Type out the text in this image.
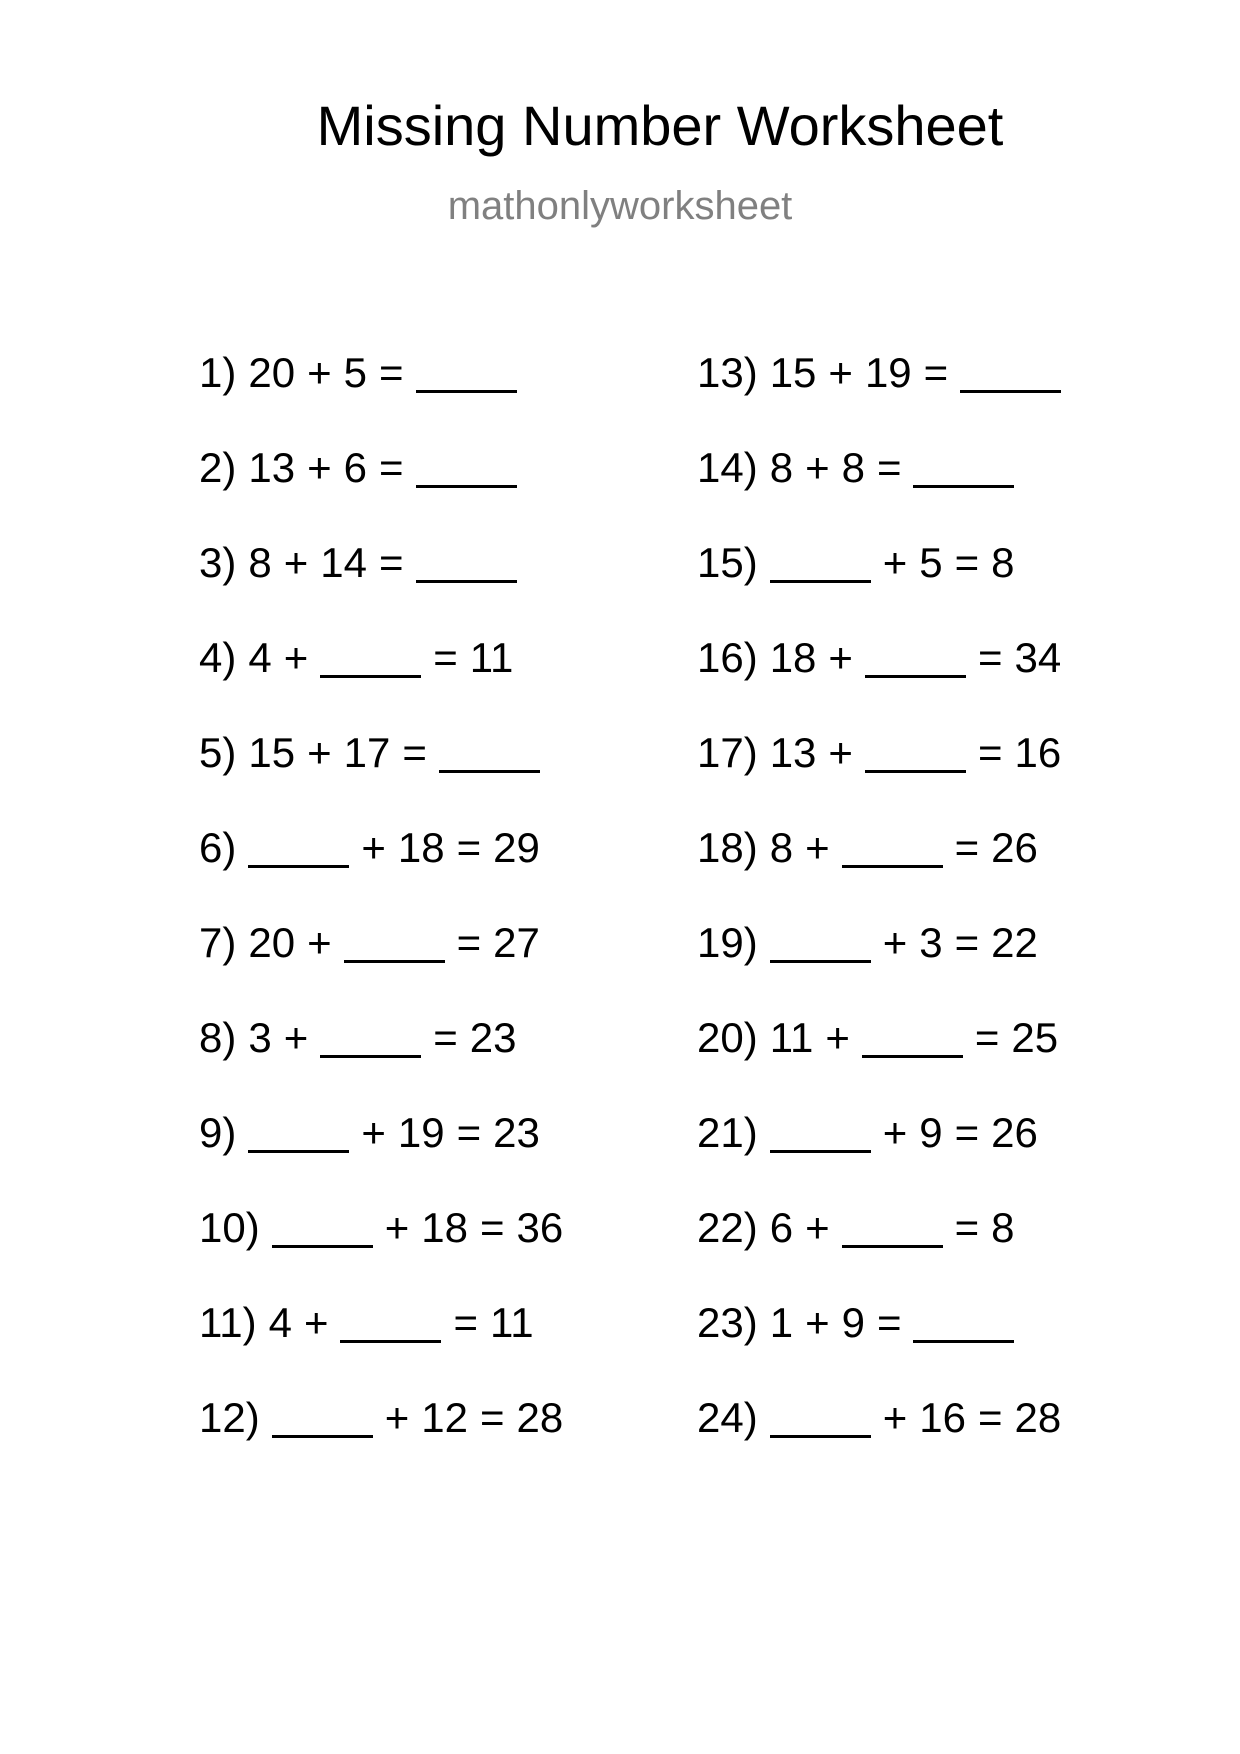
Missing Number Worksheet
mathonlyworksheet
1) 20 + 5 =
2) 13 + 6 =
3) 8 + 14 =
4) 4 +	= 11
5) 15 + 17 =
6)	+ 18 = 29
7) 20 +	= 27
8) 3 +	= 23
9)	+ 19 = 23
10)	+ 18 = 36
11) 4 +	= 11
12)	+ 12 = 28
13) 15 + 19 =
14) 8 + 8 =
15)	+ 5 = 8
16) 18 +	= 34
17) 13 +	= 16
18) 8 +	= 26
19)	+ 3 = 22
20) 11 +	= 25
21)	+ 9 = 26
22) 6 +	= 8
23) 1 + 9 =
24)	+ 16 = 28
